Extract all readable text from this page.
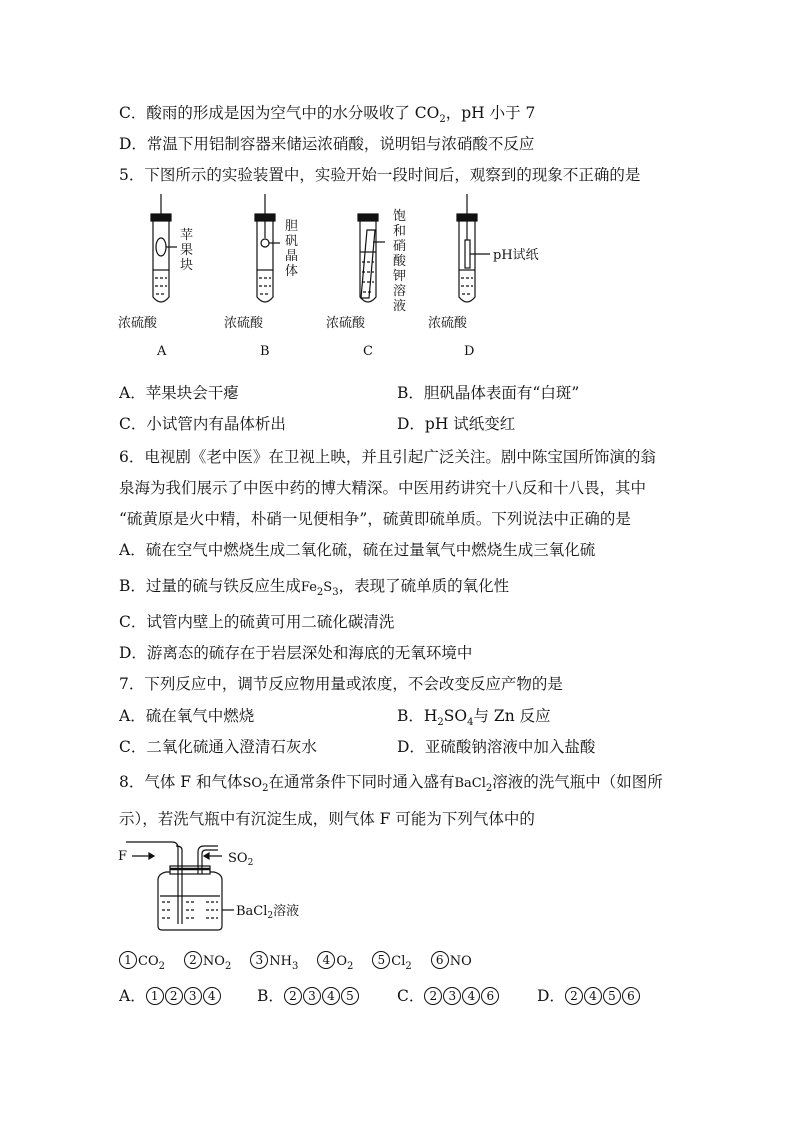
C．酸雨的形成是因为空气中的水分吸收了 $CO_2$，pH 小于 7
D．常温下用铝制容器来储运浓硝酸，说明铝与浓硝酸不反应
5．下图所示的实验装置中，实验开始一段时间后，观察到的现象不正确的是
苹
果
块
胆
矾
晶
体
饱
和
硝
酸
钾
溶
液
pH试纸
浓硫酸	浓硫酸	浓硫酸	浓硫酸
A	B	C	D
A．苹果块会干瘪	B．胆矾晶体表面有“白斑”
C．小试管内有晶体析出	D．pH 试纸变红
6．电视剧《老中医》在卫视上映，并且引起广泛关注。剧中陈宝国所饰演的翁
泉海为我们展示了中医中药的博大精深。中医用药讲究十八反和十八畏，其中
“硫黄原是火中精，朴硝一见便相争”，硫黄即硫单质。下列说法中正确的是
A．硫在空气中燃烧生成二氧化硫，硫在过量氧气中燃烧生成三氧化硫
B．过量的硫与铁反应生成$Fe_2S_3$，表现了硫单质的氧化性
C．试管内壁上的硫黄可用二硫化碳清洗
D．游离态的硫存在于岩层深处和海底的无氧环境中
7．下列反应中，调节反应物用量或浓度，不会改变反应产物的是
A．硫在氧气中燃烧	B．$H_2SO_4$与 Zn 反应
C．二氧化硫通入澄清石灰水	D．亚硫酸钠溶液中加入盐酸
8．气体 F 和气体$SO_2$在通常条件下同时通入盛有BaCl$_2$溶液的洗气瓶中（如图所
示），若洗气瓶中有沉淀生成，则气体 F 可能为下列气体中的
F	$SO_2$
BaCl$_2$溶液
1 $CO_2$ 2 $NO_2$ 3 $NH_3$ 4 $O_2$ 5 $Cl_2$ 6 NO
A． 1 2 3 4	B． 2 3 4 5	C． 2 3 4 6	D． 2 4 5 6
